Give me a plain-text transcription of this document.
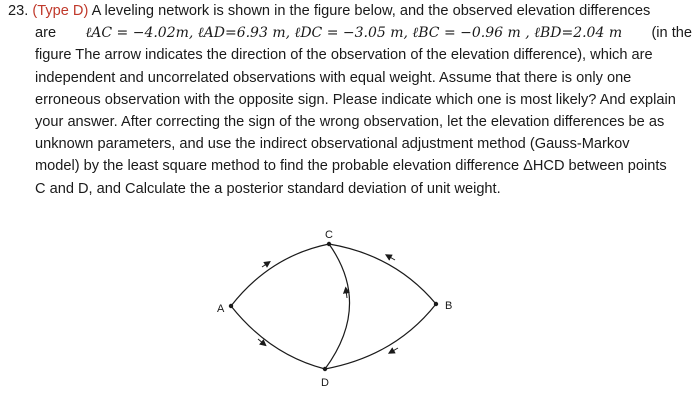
23. (Type D) A leveling network is shown in the figure below, and the observed elevation differences
are ℓAC = −4.02m, ℓAD=6.93 m, ℓDC = −3.05 m, ℓBC = −0.96 m , ℓBD=2.04 m (in the
figure The arrow indicates the direction of the observation of the elevation difference), which are
independent and uncorrelated observations with equal weight. Assume that there is only one
erroneous observation with the opposite sign. Please indicate which one is most likely? And explain
your answer. After correcting the sign of the wrong observation, let the elevation differences be as
unknown parameters, and use the indirect observational adjustment method (Gauss-Markov
model) by the least square method to find the probable elevation difference ΔHCD between points
C and D, and Calculate the a posterior standard deviation of unit weight.
C
A	B
D
